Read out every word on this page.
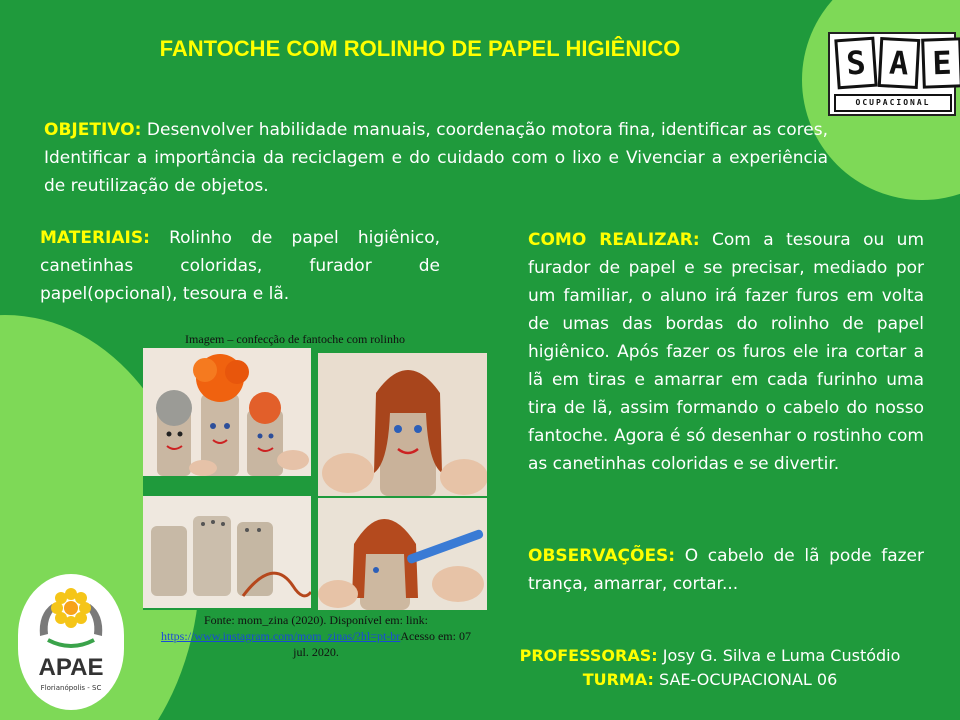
FANTOCHE COM ROLINHO DE PAPEL HIGIÊNICO	S A E
OCUPACIONAL
OBJETIVO: Desenvolver habilidade manuais, coordenação motora fina, identificar as cores, Identificar a importância da reciclagem e do cuidado com o lixo e Vivenciar a experiência de reutilização de objetos.
MATERIAIS: Rolinho de papel higiênico, canetinhas coloridas, furador de papel(opcional), tesoura e lã.
Imagem – confecção de fantoche com rolinho
Fonte: mom_zina (2020). Disponível em: link: https://www.instagram.com/mom_zinas/?hl=pt-brAcesso em: 07 jul. 2020.
COMO REALIZAR: Com a tesoura ou um furador de papel e se precisar, mediado por um familiar, o aluno irá fazer furos em volta de umas das bordas do rolinho de papel higiênico. Após fazer os furos ele ira cortar a lã em tiras e amarrar em cada furinho uma tira de lã, assim formando o cabelo do nosso fantoche. Agora é só desenhar o rostinho com as canetinhas coloridas e se divertir.
OBSERVAÇÕES: O cabelo de lã pode fazer trança, amarrar, cortar...
PROFESSORAS: Josy G. Silva e Luma Custódio
TURMA: SAE-OCUPACIONAL 06
APAE
Florianópolis - SC
